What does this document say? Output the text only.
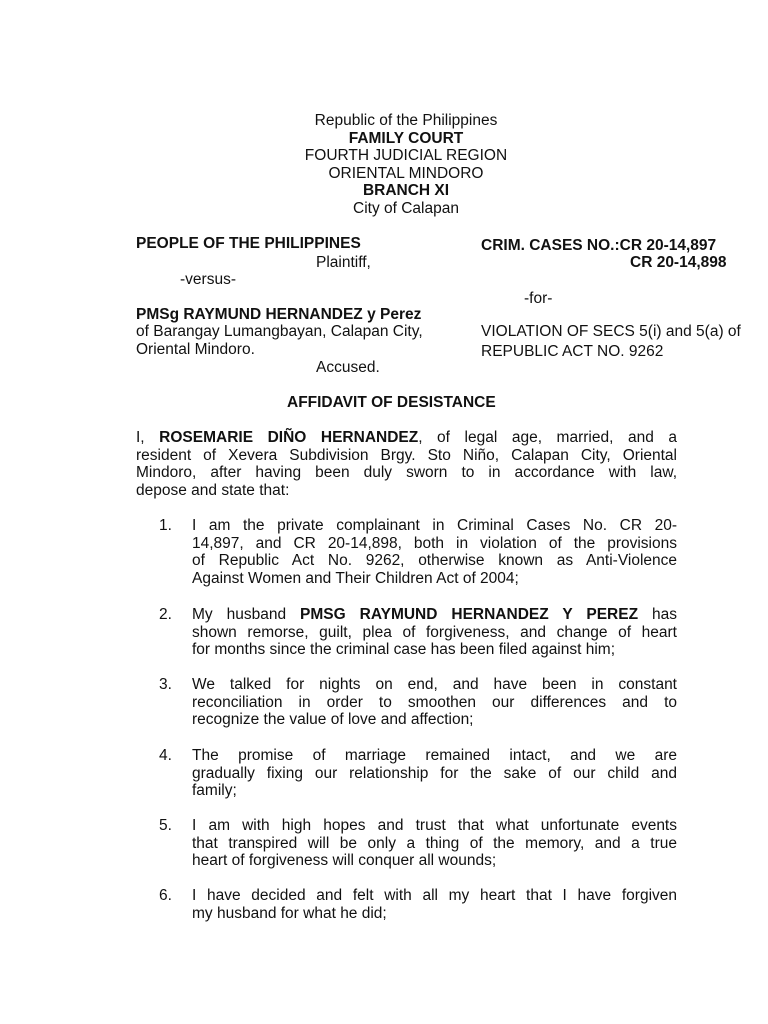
Republic of the Philippines
FAMILY COURT
FOURTH JUDICIAL REGION
ORIENTAL MINDORO
BRANCH XI
City of Calapan
PEOPLE OF THE PHILIPPINES
Plaintiff,
-versus-
PMSg RAYMUND HERNANDEZ y Perez
of Barangay Lumangbayan, Calapan City,
Oriental Mindoro.
Accused.
CRIM. CASES NO.:CR 20-14,897
CR 20-14,898
-for-
VIOLATION OF SECS 5(i) and 5(a) of
REPUBLIC ACT NO. 9262
AFFIDAVIT OF DESISTANCE
I, ROSEMARIE DIÑO HERNANDEZ, of legal age, married, and a
resident of Xevera Subdivision Brgy. Sto Niño, Calapan City, Oriental
Mindoro, after having been duly sworn to in accordance with law,
depose and state that:
1.	I am the private complainant in Criminal Cases No. CR 20-
14,897, and CR 20-14,898, both in violation of the provisions
of Republic Act No. 9262, otherwise known as Anti-Violence
Against Women and Their Children Act of 2004;
2.	My husband PMSG RAYMUND HERNANDEZ Y PEREZ has
shown remorse, guilt, plea of forgiveness, and change of heart
for months since the criminal case has been filed against him;
3.	We talked for nights on end, and have been in constant
reconciliation in order to smoothen our differences and to
recognize the value of love and affection;
4.	The promise of marriage remained intact, and we are
gradually fixing our relationship for the sake of our child and
family;
5.	I am with high hopes and trust that what unfortunate events
that transpired will be only a thing of the memory, and a true
heart of forgiveness will conquer all wounds;
6.	I have decided and felt with all my heart that I have forgiven
my husband for what he did;
